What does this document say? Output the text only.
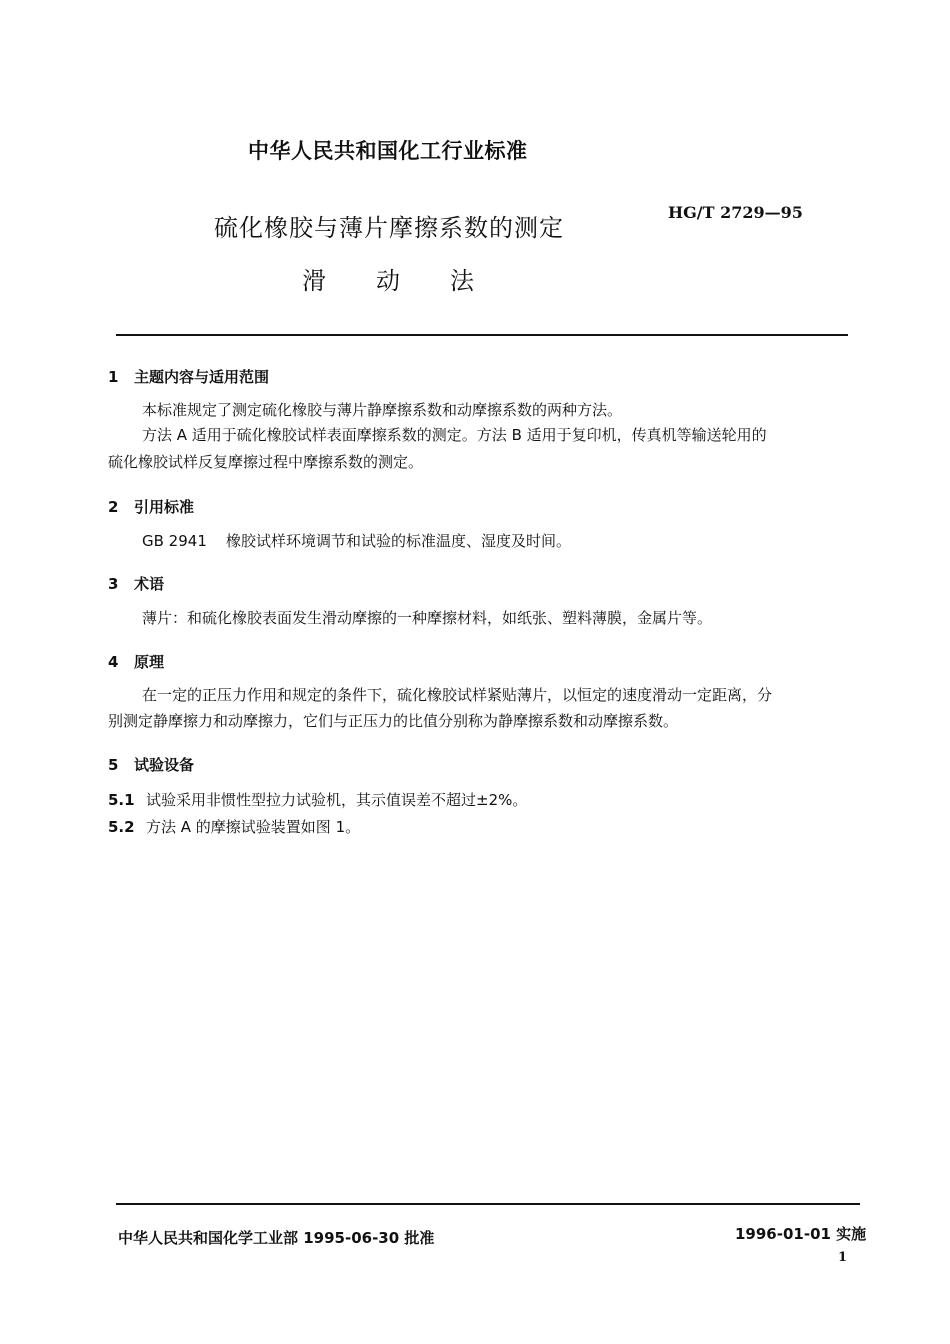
中华人民共和国化工行业标准
硫化橡胶与薄片摩擦系数的测定
HG/T 2729—95
滑动法
1 主题内容与适用范围
本标准规定了测定硫化橡胶与薄片静摩擦系数和动摩擦系数的两种方法。
方法 A 适用于硫化橡胶试样表面摩擦系数的测定。方法 B 适用于复印机，传真机等输送轮用的
硫化橡胶试样反复摩擦过程中摩擦系数的测定。
2 引用标准
GB 2941 橡胶试样环境调节和试验的标准温度、湿度及时间。
3 术语
薄片：和硫化橡胶表面发生滑动摩擦的一种摩擦材料，如纸张、塑料薄膜，金属片等。
4 原理
在一定的正压力作用和规定的条件下，硫化橡胶试样紧贴薄片，以恒定的速度滑动一定距离，分
别测定静摩擦力和动摩擦力，它们与正压力的比值分别称为静摩擦系数和动摩擦系数。
5 试验设备
5.1 试验采用非惯性型拉力试验机，其示值误差不超过±2%。
5.2 方法 A 的摩擦试验装置如图 1。
中华人民共和国化学工业部 1995-06-30 批准	1996-01-01 实施
1
